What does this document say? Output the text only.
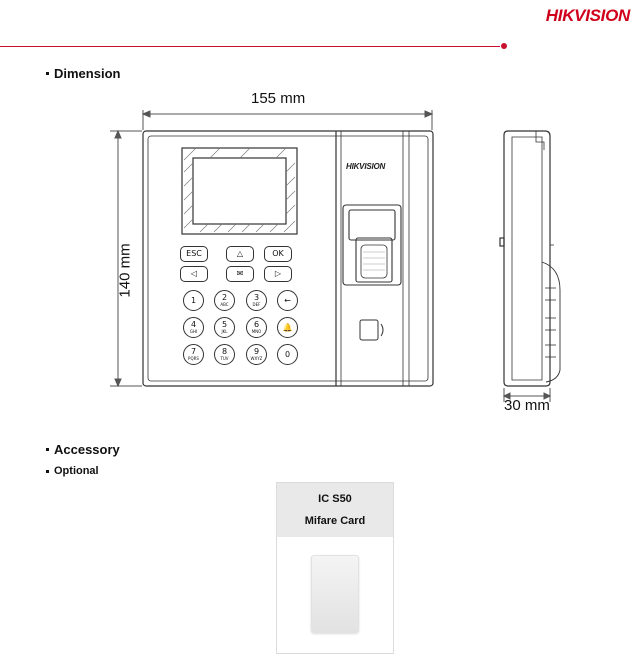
HIKVISION
Dimension
HIKVISION
ESC	△	OK
◁	✉	▷
1	2
ABC
3
DEF	←
4
GHI
5
JKL
6
MNO	🔔
7
PQRS
8
TUV
9
WXYZ	0
155 mm
140 mm
30 mm
Accessory
Optional
IC S50
Mifare Card
